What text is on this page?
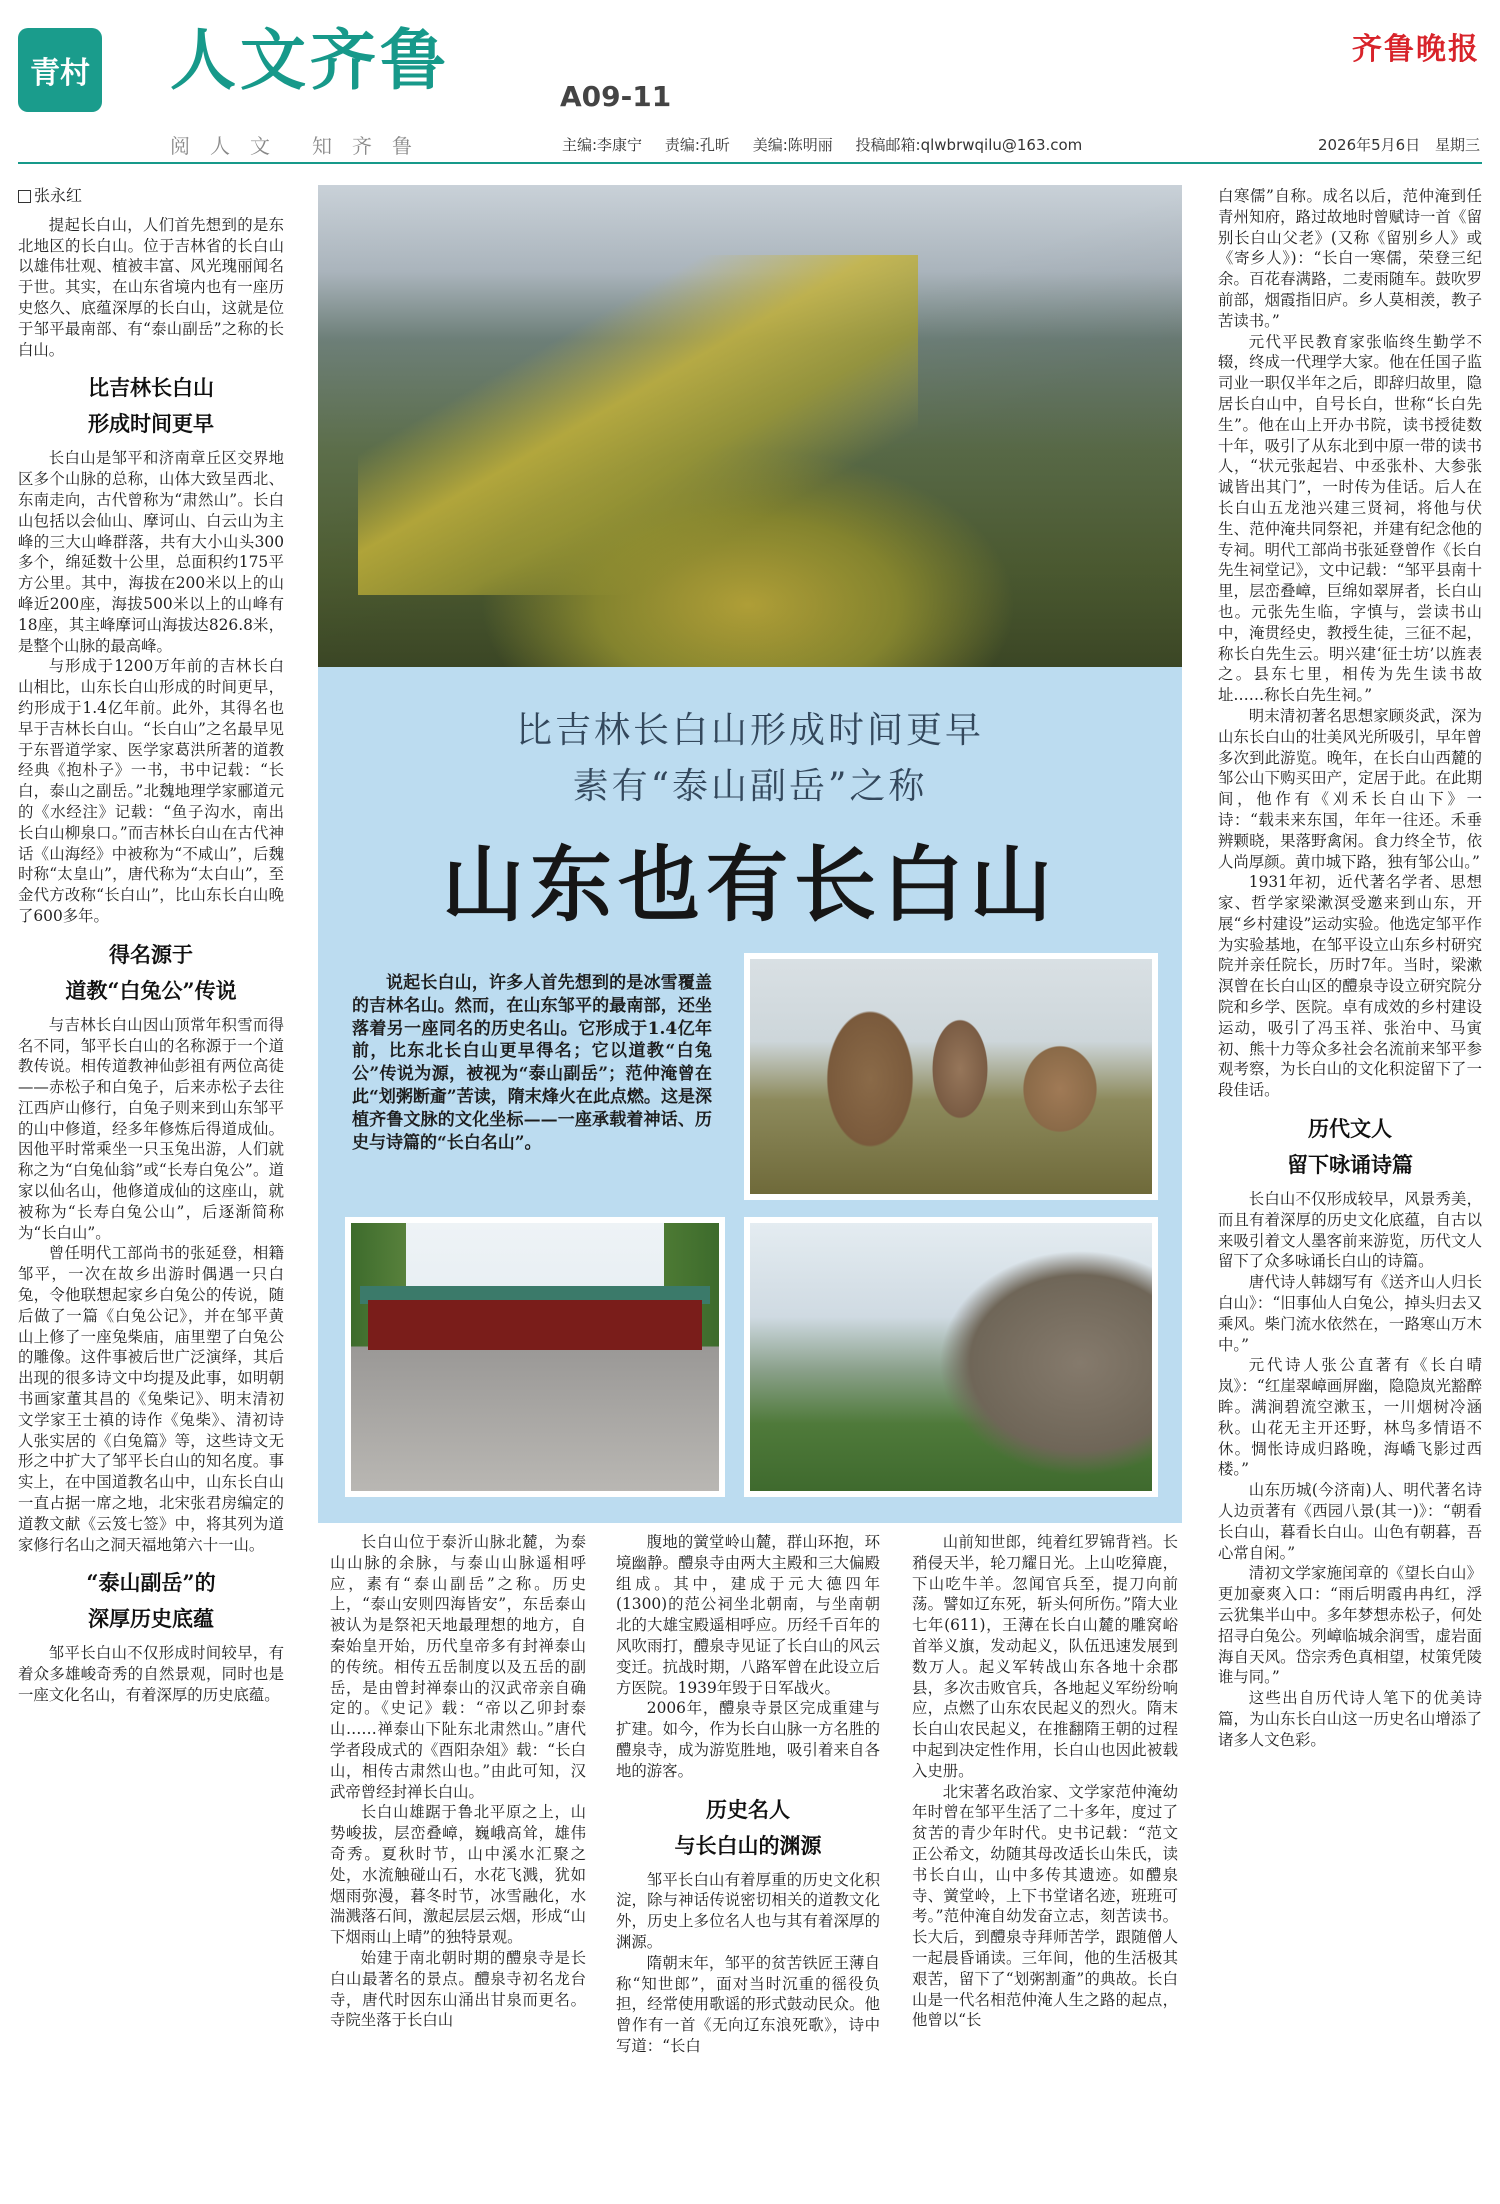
青村 人文齐鲁	A09-11
齐鲁晚报
阅 人 文  知 齐 鲁	主编:李康宁 责编:孔昕 美编:陈明丽 投稿邮箱:qlwbrwqilu@163.com	2026年5月6日 星期三
比吉林长白山形成时间更早
素有“泰山副岳”之称
山东也有长白山

说起长白山，许多人首先想到的是冰雪覆盖的吉林名山。然而，在山东邹平的最南部，还坐落着另一座同名的历史名山。它形成于1.4亿年前，比东北长白山更早得名；它以道教“白兔公”传说为源，被视为“泰山副岳”；范仲淹曾在此“划粥断齑”苦读，隋末烽火在此点燃。这是深植齐鲁文脉的文化坐标——一座承载着神话、历史与诗篇的“长白名山”。

张永红

提起长白山，人们首先想到的是东北地区的长白山。位于吉林省的长白山以雄伟壮观、植被丰富、风光瑰丽闻名于世。其实，在山东省境内也有一座历史悠久、底蕴深厚的长白山，这就是位于邹平最南部、有“泰山副岳”之称的长白山。

比吉林长白山
形成时间更早

长白山是邹平和济南章丘区交界地区多个山脉的总称，山体大致呈西北、东南走向，古代曾称为“肃然山”。长白山包括以会仙山、摩诃山、白云山为主峰的三大山峰群落，共有大小山头300多个，绵延数十公里，总面积约175平方公里。其中，海拔在200米以上的山峰近200座，海拔500米以上的山峰有18座，其主峰摩诃山海拔达826.8米，是整个山脉的最高峰。

与形成于1200万年前的吉林长白山相比，山东长白山形成的时间更早，约形成于1.4亿年前。此外，其得名也早于吉林长白山。“长白山”之名最早见于东晋道学家、医学家葛洪所著的道教经典《抱朴子》一书，书中记载：“长白，泰山之副岳。”北魏地理学家郦道元的《水经注》记载：“鱼子沟水，南出长白山柳泉口。”而吉林长白山在古代神话《山海经》中被称为“不咸山”，后魏时称“太皇山”，唐代称为“太白山”，至金代方改称“长白山”，比山东长白山晚了600多年。

得名源于
道教“白兔公”传说

与吉林长白山因山顶常年积雪而得名不同，邹平长白山的名称源于一个道教传说。相传道教神仙彭祖有两位高徒——赤松子和白兔子，后来赤松子去往江西庐山修行，白兔子则来到山东邹平的山中修道，经多年修炼后得道成仙。因他平时常乘坐一只玉兔出游，人们就称之为“白兔仙翁”或“长寿白兔公”。道家以仙名山，他修道成仙的这座山，就被称为“长寿白兔公山”，后逐渐简称为“长白山”。

曾任明代工部尚书的张延登，相籍邹平，一次在故乡出游时偶遇一只白兔，令他联想起家乡白兔公的传说，随后做了一篇《白兔公记》，并在邹平黄山上修了一座兔柴庙，庙里塑了白兔公的雕像。这件事被后世广泛演绎，其后出现的很多诗文中均提及此事，如明朝书画家董其昌的《兔柴记》、明末清初文学家王士禛的诗作《兔柴》、清初诗人张实居的《白兔篇》等，这些诗文无形之中扩大了邹平长白山的知名度。事实上，在中国道教名山中，山东长白山一直占据一席之地，北宋张君房编定的道教文献《云笈七签》中，将其列为道家修行名山之洞天福地第六十一山。

“泰山副岳”的
深厚历史底蕴

邹平长白山不仅形成时间较早，有着众多雄峻奇秀的自然景观，同时也是一座文化名山，有着深厚的历史底蕴。

长白山位于泰沂山脉北麓，为泰山山脉的余脉，与泰山山脉遥相呼应，素有“泰山副岳”之称。历史上，“泰山安则四海皆安”，东岳泰山被认为是祭祀天地最理想的地方，自秦始皇开始，历代皇帝多有封禅泰山的传统。相传五岳制度以及五岳的副岳，是由曾封禅泰山的汉武帝亲自确定的。《史记》载：“帝以乙卯封泰山……禅泰山下阯东北肃然山。”唐代学者段成式的《酉阳杂俎》载：“长白山，相传古肃然山也。”由此可知，汉武帝曾经封禅长白山。

长白山雄踞于鲁北平原之上，山势峻拔，层峦叠嶂，巍峨高耸，雄伟奇秀。夏秋时节，山中溪水汇聚之处，水流触碰山石，水花飞溅，犹如烟雨弥漫，暮冬时节，冰雪融化，水湍溅落石间，激起层层云烟，形成“山下烟雨山上晴”的独特景观。

始建于南北朝时期的醴泉寺是长白山最著名的景点。醴泉寺初名龙台寺，唐代时因东山涌出甘泉而更名。寺院坐落于长白山

腹地的黉堂岭山麓，群山环抱，环境幽静。醴泉寺由两大主殿和三大偏殿组成。其中，建成于元大德四年(1300)的范公祠坐北朝南，与坐南朝北的大雄宝殿遥相呼应。历经千百年的风吹雨打，醴泉寺见证了长白山的风云变迁。抗战时期，八路军曾在此设立后方医院。1939年毁于日军战火。

2006年，醴泉寺景区完成重建与扩建。如今，作为长白山脉一方名胜的醴泉寺，成为游览胜地，吸引着来自各地的游客。

历史名人
与长白山的渊源

邹平长白山有着厚重的历史文化积淀，除与神话传说密切相关的道教文化外，历史上多位名人也与其有着深厚的渊源。

隋朝末年，邹平的贫苦铁匠王薄自称“知世郎”，面对当时沉重的徭役负担，经常使用歌谣的形式鼓动民众。他曾作有一首《无向辽东浪死歌》，诗中写道：“长白

山前知世郎，纯着红罗锦背裆。长矟侵天半，轮刀耀日光。上山吃獐鹿，下山吃牛羊。忽闻官兵至，提刀向前荡。譬如辽东死，斩头何所伤。”隋大业七年(611)，王薄在长白山麓的雕窝峪首举义旗，发动起义，队伍迅速发展到数万人。起义军转战山东各地十余郡县，多次击败官兵，各地起义军纷纷响应，点燃了山东农民起义的烈火。隋末长白山农民起义，在推翻隋王朝的过程中起到决定性作用，长白山也因此被载入史册。

北宋著名政治家、文学家范仲淹幼年时曾在邹平生活了二十多年，度过了贫苦的青少年时代。史书记载：“范文正公希文，幼随其母改适长山朱氏，读书长白山，山中多传其遗迹。如醴泉寺、黉堂岭，上下书堂诸名迹，班班可考。”范仲淹自幼发奋立志，刻苦读书。长大后，到醴泉寺拜师苦学，跟随僧人一起晨昏诵读。三年间，他的生活极其艰苦，留下了“划粥割齑”的典故。长白山是一代名相范仲淹人生之路的起点，他曾以“长

白寒儒”自称。成名以后，范仲淹到任青州知府，路过故地时曾赋诗一首《留别长白山父老》(又称《留别乡人》或《寄乡人》)：“长白一寒儒，荣登三纪余。百花春满路，二麦雨随车。鼓吹罗前部，烟霞指旧庐。乡人莫相羡，教子苦读书。”

元代平民教育家张临终生勤学不辍，终成一代理学大家。他在任国子监司业一职仅半年之后，即辞归故里，隐居长白山中，自号长白，世称“长白先生”。他在山上开办书院，读书授徒数十年，吸引了从东北到中原一带的读书人，“状元张起岩、中丞张朴、大参张诚皆出其门”，一时传为佳话。后人在长白山五龙池兴建三贤祠，将他与伏生、范仲淹共同祭祀，并建有纪念他的专祠。明代工部尚书张延登曾作《长白先生祠堂记》，文中记载：“邹平县南十里，层峦叠嶂，巨绵如翠屏者，长白山也。元张先生临，字慎与，尝读书山中，淹贯经史，教授生徒，三征不起，称长白先生云。明兴建‘征士坊’以旌表之。县东七里，相传为先生读书故址……称长白先生祠。”

明末清初著名思想家顾炎武，深为山东长白山的壮美风光所吸引，早年曾多次到此游览。晚年，在长白山西麓的邹公山下购买田产，定居于此。在此期间，他作有《刈禾长白山下》一诗：“载耒来东国，年年一往还。禾垂辨颗晓，果落野禽闲。食力终全节，依人尚厚颜。黄巾城下路，独有邹公山。”

1931年初，近代著名学者、思想家、哲学家梁漱溟受邀来到山东，开展“乡村建设”运动实验。他选定邹平作为实验基地，在邹平设立山东乡村研究院并亲任院长，历时7年。当时，梁漱溟曾在长白山区的醴泉寺设立研究院分院和乡学、医院。卓有成效的乡村建设运动，吸引了冯玉祥、张治中、马寅初、熊十力等众多社会名流前来邹平参观考察，为长白山的文化积淀留下了一段佳话。

历代文人
留下咏诵诗篇

长白山不仅形成较早，风景秀美，而且有着深厚的历史文化底蕴，自古以来吸引着文人墨客前来游览，历代文人留下了众多咏诵长白山的诗篇。

唐代诗人韩翃写有《送齐山人归长白山》：“旧事仙人白兔公，掉头归去又乘风。柴门流水依然在，一路寒山万木中。”

元代诗人张公直著有《长白晴岚》：“红崖翠嶂画屏幽，隐隐岚光豁醉眸。满涧碧流空漱玉，一川烟树冷涵秋。山花无主开还野，林鸟多情语不休。惆怅诗成归路晚，海嶠飞影过西楼。”

山东历城(今济南)人、明代著名诗人边贡著有《西园八景(其一)》：“朝看长白山，暮看长白山。山色有朝暮，吾心常自闲。”

清初文学家施闰章的《望长白山》更加豪爽入口：“雨后明霞冉冉红，浮云犹集半山中。多年梦想赤松子，何处招寻白兔公。列嶂临城余润雪，虚岩面海自天风。岱宗秀色真相望，杖策凭陵谁与同。”

这些出自历代诗人笔下的优美诗篇，为山东长白山这一历史名山增添了诸多人文色彩。
